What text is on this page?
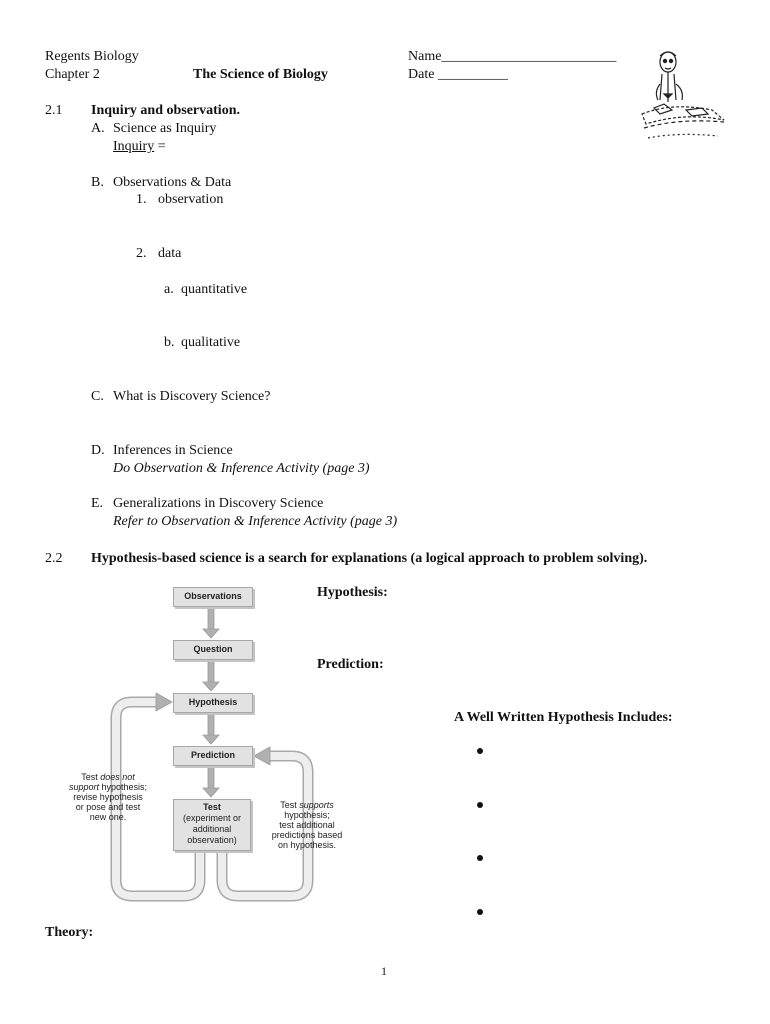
Regents Biology
Chapter 2	The Science of Biology
Name_________________________
Date __________
2.1 Inquiry and observation.
A. Science as Inquiry
Inquiry =
B. Observations & Data
1. observation
2. data
a. quantitative
b. qualitative
C. What is Discovery Science?
D. Inferences in Science
Do Observation & Inference Activity (page 3)
E. Generalizations in Discovery Science
Refer to Observation & Inference Activity (page 3)
2.2 Hypothesis-based science is a search for explanations (a logical approach to problem solving).
Hypothesis:
Prediction:
A Well Written Hypothesis Includes:
Observations
Question
Hypothesis
Prediction
Test
(experiment or
additional
observation)
Test does not
support hypothesis;
revise hypothesis
or pose and test
new one.
Test supports
hypothesis;
test additional
predictions based
on hypothesis.
Theory:
1
